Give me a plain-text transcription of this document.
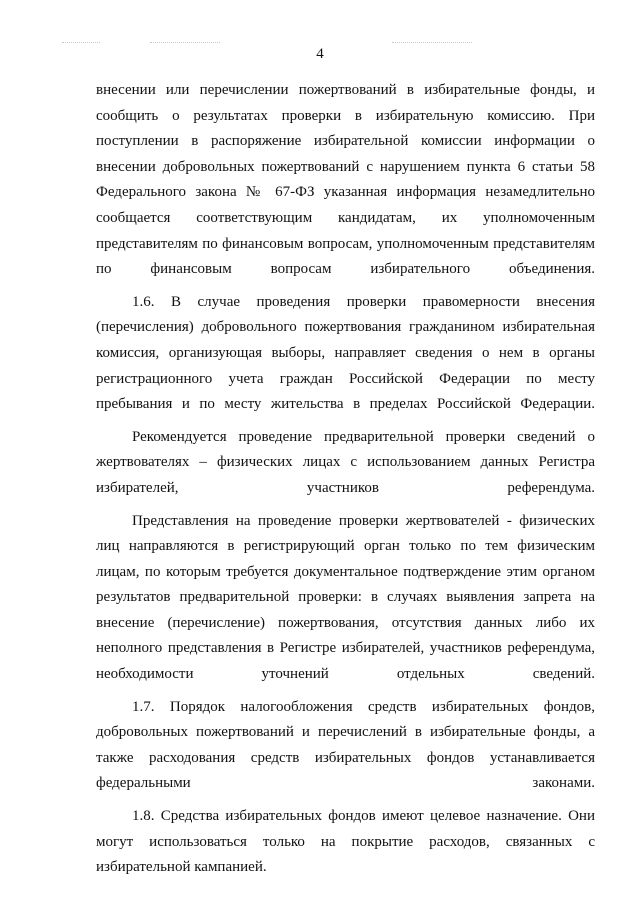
4

внесении или перечислении пожертвований в избирательные фонды, и сообщить о результатах проверки в избирательную комиссию. При поступлении в распоряжение избирательной комиссии информации о внесении добровольных пожертвований с нарушением пункта 6 статьи 58 Федерального закона № 67-ФЗ указанная информация незамедлительно сообщается соответствующим кандидатам, их уполномоченным представителям по финансовым вопросам, уполномоченным представителям по финансовым вопросам избирательного объединения.

1.6. В случае проведения проверки правомерности внесения (перечисления) добровольного пожертвования гражданином избирательная комиссия, организующая выборы, направляет сведения о нем в органы регистрационного учета граждан Российской Федерации по месту пребывания и по месту жительства в пределах Российской Федерации.

Рекомендуется проведение предварительной проверки сведений о жертвователях – физических лицах с использованием данных Регистра избирателей, участников референдума.

Представления на проведение проверки жертвователей - физических лиц направляются в регистрирующий орган только по тем физическим лицам, по которым требуется документальное подтверждение этим органом результатов предварительной проверки: в случаях выявления запрета на внесение (перечисление) пожертвования, отсутствия данных либо их неполного представления в Регистре избирателей, участников референдума, необходимости уточнений отдельных сведений.

1.7. Порядок налогообложения средств избирательных фондов, добровольных пожертвований и перечислений в избирательные фонды, а также расходования средств избирательных фондов устанавливается федеральными законами.

1.8. Средства избирательных фондов имеют целевое назначение. Они могут использоваться только на покрытие расходов, связанных с избирательной кампанией.
